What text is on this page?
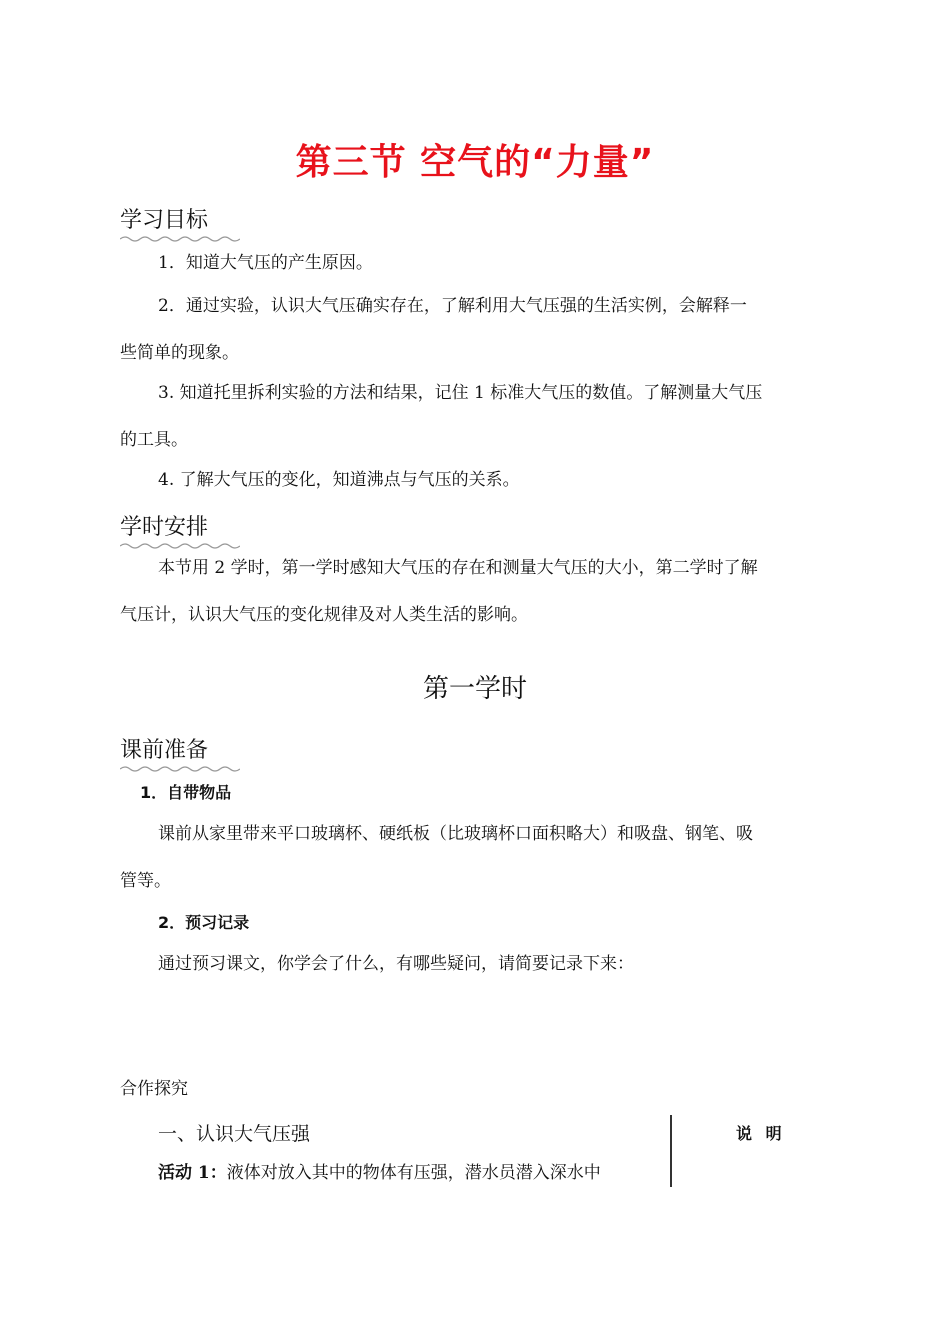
第三节 空气的“力量”
学习目标
1．知道大气压的产生原因。
2．通过实验，认识大气压确实存在，了解利用大气压强的生活实例，会解释一
些简单的现象。
3. 知道托里拆利实验的方法和结果，记住 1 标准大气压的数值。了解测量大气压
的工具。
4. 了解大气压的变化，知道沸点与气压的关系。
学时安排
本节用 2 学时，第一学时感知大气压的存在和测量大气压的大小，第二学时了解
气压计，认识大气压的变化规律及对人类生活的影响。
第一学时
课前准备
1．自带物品
课前从家里带来平口玻璃杯、硬纸板（比玻璃杯口面积略大）和吸盘、钢笔、吸
管等。
2．预习记录
通过预习课文，你学会了什么，有哪些疑问，请简要记录下来：
合作探究
一、认识大气压强	说 明
活动 1：液体对放入其中的物体有压强，潜水员潜入深水中
